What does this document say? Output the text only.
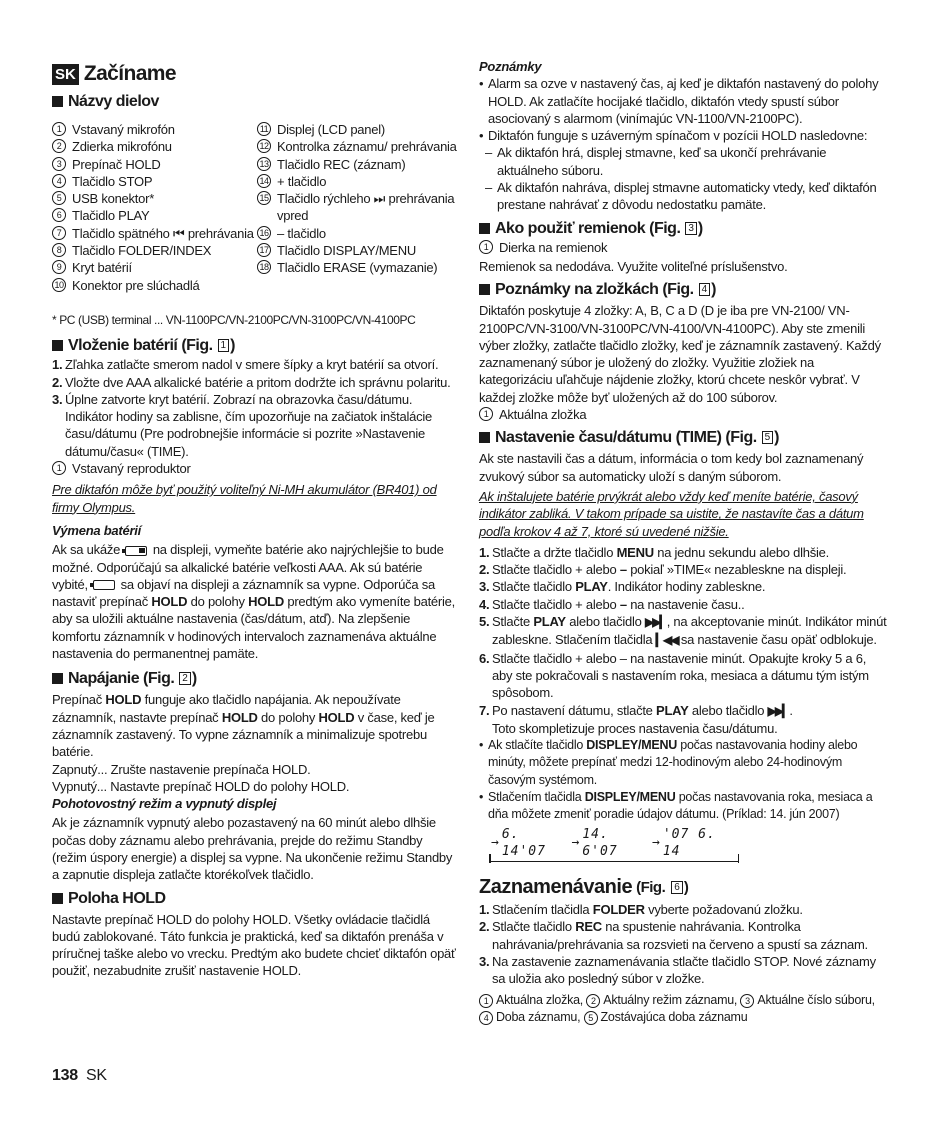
SK Začíname
Názvy dielov
1 Vstavaný mikrofón
2 Zdierka mikrofónu
3 Prepínač HOLD
4 Tlačidlo STOP
5 USB konektor*
6 Tlačidlo PLAY
7 Tlačidlo spätného ⏮ prehrávania
8 Tlačidlo FOLDER/INDEX
9 Kryt batérií
10 Konektor pre slúchadlá
11 Displej (LCD panel)
12 Kontrolka záznamu/ prehrávania
13 Tlačidlo REC (záznam)
14 + tlačidlo
15 Tlačidlo rýchleho ⏭ prehrávania vpred
16 – tlačidlo
17 Tlačidlo DISPLAY/MENU
18 Tlačidlo ERASE (vymazanie)
* PC (USB) terminal ... VN-1100PC/VN-2100PC/VN-3100PC/VN-4100PC
Vloženie batérií (Fig.
1 )
1. Zľahka zatlačte smerom nadol v smere šípky a kryt batérií sa otvorí.
2. Vložte dve AAA alkalické batérie a pritom dodržte ich správnu polaritu.
3. Úplne zatvorte kryt batérií. Zobrazí na obrazovka času/dátumu. Indikátor hodiny sa zablisne, čím upozorňuje na začiatok inštalácie času/dátumu (Pre podrobnejšie informácie si pozrite »Nastavenie dátumu/času« (TIME).
1 Vstavaný reproduktor
Pre diktafón môže byť použitý voliteľný Ni-MH akumulátor (BR401) od firmy Olympus.
Výmena batérií
Ak sa ukáže	na displeji, vymeňte batérie ako najrýchlejšie to bude možné. Odporúčajú sa alkalické batérie veľkosti AAA. Ak sú batérie vybité,	sa objaví na displeji a záznamník sa vypne. Odporúča sa nastaviť prepínač HOLD do polohy HOLD predtým ako vymeníte batérie, aby sa uložili aktuálne nastavenia (čas/dátum, atď). Na zlepšenie komfortu záznamník v hodinových intervaloch zaznamenáva aktuálne nastavenia do permanentnej pamäte.
Napájanie (Fig.
2 )
Prepínač HOLD funguje ako tlačidlo napájania. Ak nepoužívate záznamník, nastavte prepínač HOLD do polohy HOLD v čase, keď je záznamník zastavený. To vypne záznamník a minimalizuje spotrebu batérie.
Zapnutý... Zrušte nastavenie prepínača HOLD.
Vypnutý... Nastavte prepínač HOLD do polohy HOLD.
Pohotovostný režim a vypnutý displej
Ak je záznamník vypnutý alebo pozastavený na 60 minút alebo dlhšie počas doby záznamu alebo prehrávania, prejde do režimu Standby (režim úspory energie) a displej sa vypne. Na ukončenie režimu Standby a zapnutie displeja zatlačte ktorékoľvek tlačidlo.
Poloha HOLD
Nastavte prepínač HOLD do polohy HOLD. Všetky ovládacie tlačidlá budú zablokované. Táto funkcia je praktická, keď sa diktafón prenáša v príručnej taške alebo vo vrecku. Predtým ako budete chcieť diktafón opäť použiť, nezabudnite zrušiť nastavenie HOLD.
Poznámky
• Alarm sa ozve v nastavený čas, aj keď je diktafón nastavený do polohy HOLD. Ak zatlačíte hocijaké tlačidlo, diktafón vtedy spustí súbor asociovaný s alarmom (vinímajúc VN-1100/VN-2100PC).
• Diktafón funguje s uzáverným spínačom v pozícii HOLD nasledovne:
– Ak diktafón hrá, displej stmavne, keď sa ukončí prehrávanie aktuálneho súboru.
– Ak diktafón nahráva, displej stmavne automaticky vtedy, keď diktafón prestane nahrávať z dôvodu nedostatku pamäte.
Ako použiť remienok (Fig.
3 )
1 Dierka na remienok
Remienok sa nedodáva. Využite voliteľné príslušenstvo.
Poznámky na zložkách (Fig.
4 )
Diktafón poskytuje 4 zložky: A, B, C a D (D je iba pre VN-2100/ VN-2100PC/VN-3100/VN-3100PC/VN-4100/VN-4100PC). Aby ste zmenili výber zložky, zatlačte tlačidlo zložky, keď je záznamník zastavený. Každý zaznamenaný súbor je uložený do zložky. Využitie zložiek na kategorizáciu uľahčuje nájdenie zložky, ktorú chcete neskôr vybrať. V každej zložke môže byť uložených až do 100 súborov.
1 Aktuálna zložka
Nastavenie času/dátumu (TIME) (Fig.
5 )
Ak ste nastavili čas a dátum, informácia o tom kedy bol zaznamenaný zvukový súbor sa automaticky uloží s daným súborom.
Ak inštalujete batérie prvýkrát alebo vždy keď meníte batérie, časový indikátor zabliká. V takom prípade sa uistite, že nastavíte čas a dátum podľa krokov 4 až 7, ktoré sú uvedené nižšie.
1. Stlačte a držte tlačidlo MENU na jednu sekundu alebo dlhšie.
2. Stlačte tlačidlo + alebo – pokiaľ »TIME« nezableskne na displeji.
3. Stlačte tlačidlo PLAY. Indikátor hodiny zableskne.
4. Stlačte tlačidlo + alebo – na nastavenie času..
5. Stlačte PLAY alebo tlačidlo ▶▶▎, na akceptovanie minút. Indikátor minút zableskne. Stlačením tlačidla ▎◀◀ sa nastavenie času opäť odblokuje.
6. Stlačte tlačidlo + alebo – na nastavenie minút. Opakujte kroky 5 a 6, aby ste pokračovali s nastavením roka, mesiaca a dátumu tým istým spôsobom.
7. Po nastavení dátumu, stlačte PLAY alebo tlačidlo ▶▶▎.
Toto skompletizuje proces nastavenia času/dátumu.
• Ak stlačíte tlačidlo DISPLEY/MENU počas nastavovania hodiny alebo minúty, môžete prepínať medzi 12-hodinovým alebo 24-hodinovým časovým systémom.
• Stlačením tlačidla DISPLEY/MENU počas nastavovania roka, mesiaca a dňa môžete zmeniť poradie údajov dátumu. (Príklad: 14. jún 2007)
→
6. 14'07
→
14. 6'07
→
'07 6. 14
Zaznamenávanie (Fig.
6 )
1. Stlačením tlačidla FOLDER vyberte požadovanú zložku.
2. Stlačte tlačidlo REC na spustenie nahrávania. Kontrolka nahrávania/prehrávania sa rozsvieti na červeno a spustí sa záznam.
3. Na zastavenie zaznamenávania stlačte tlačidlo STOP. Nové záznamy sa uložia ako posledný súbor v zložke.
1 Aktuálna zložka, 2 Aktuálny režim záznamu, 3 Aktuálne číslo súboru, 4 Doba záznamu, 5 Zostávajúca doba záznamu
138 SK
